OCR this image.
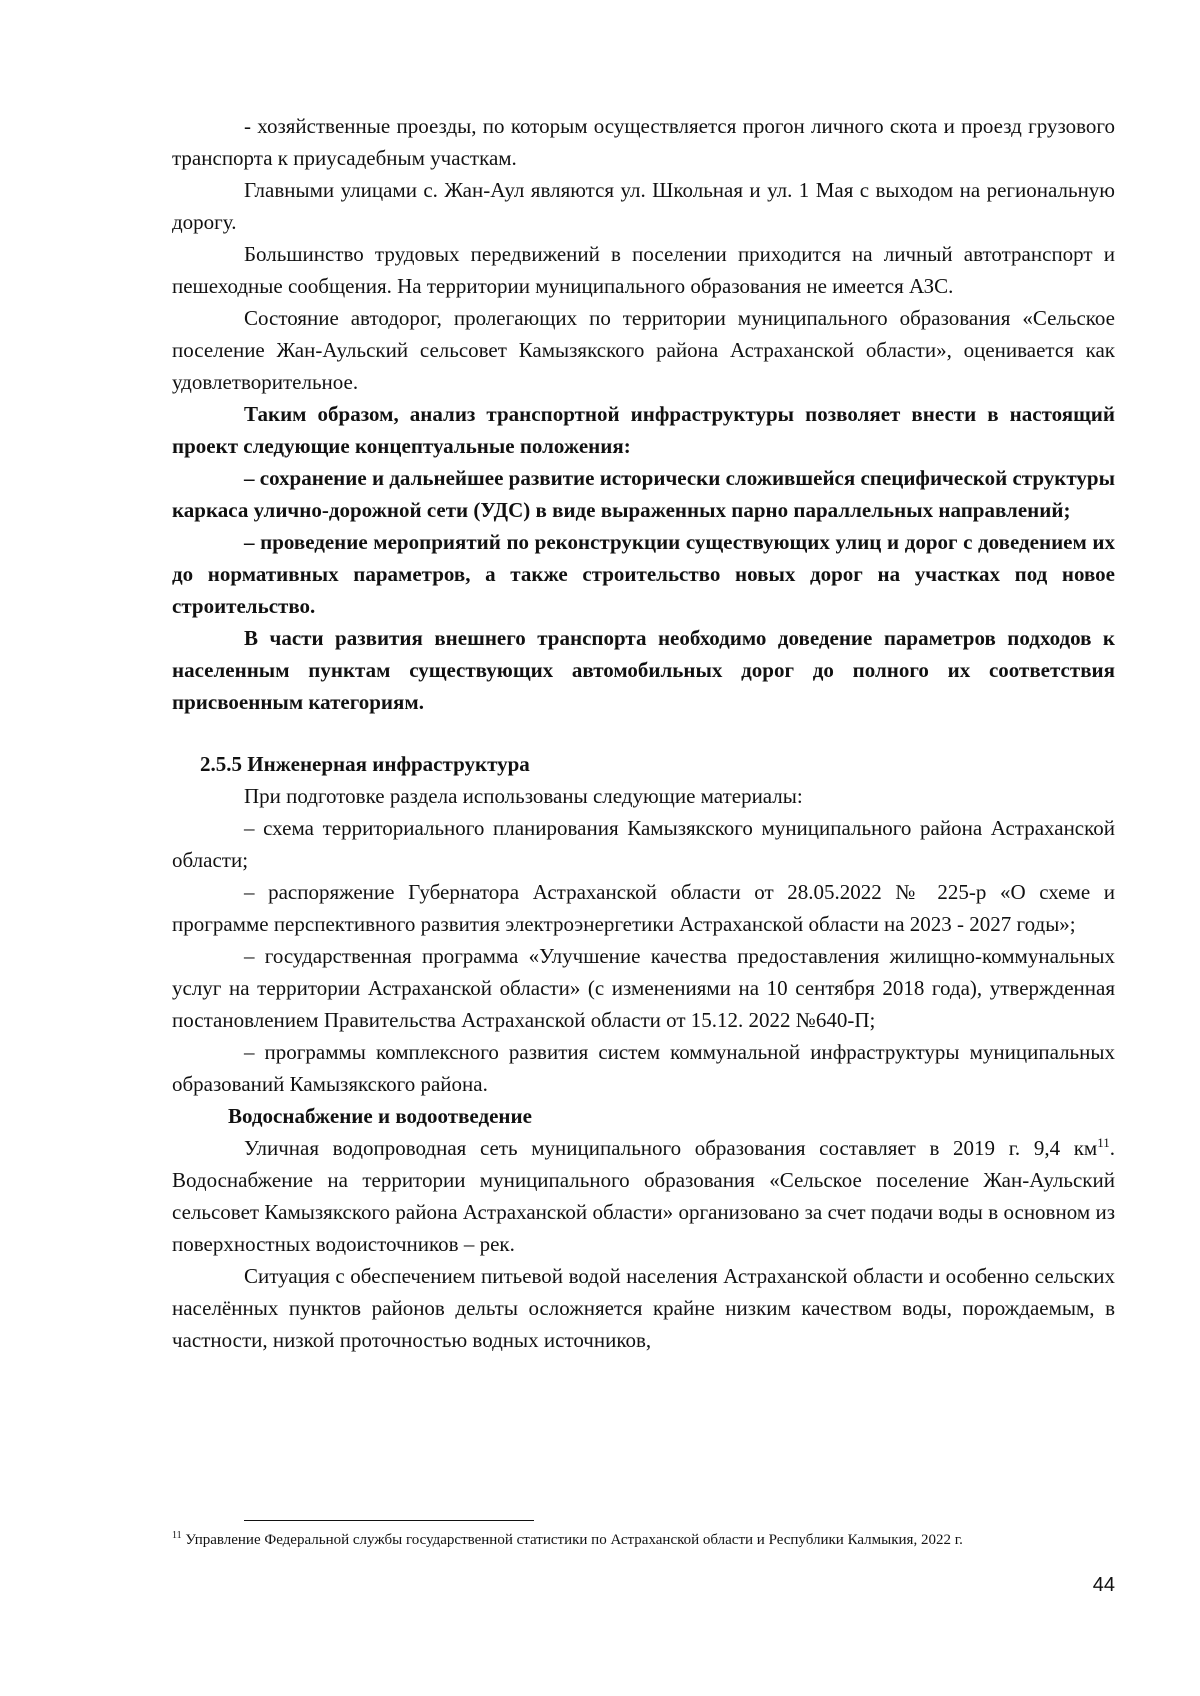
- хозяйственные проезды, по которым осуществляется прогон личного скота и проезд грузового транспорта к приусадебным участкам.

Главными улицами с. Жан-Аул являются ул. Школьная и ул. 1 Мая с выходом на региональную дорогу.

Большинство трудовых передвижений в поселении приходится на личный автотранспорт и пешеходные сообщения. На территории муниципального образования не имеется АЗС.

Состояние автодорог, пролегающих по территории муниципального образования «Сельское поселение Жан-Аульский сельсовет Камызякского района Астраханской области», оценивается как удовлетворительное.

Таким образом, анализ транспортной инфраструктуры позволяет внести в настоящий проект следующие концептуальные положения:

– сохранение и дальнейшее развитие исторически сложившейся специфической структуры каркаса улично-дорожной сети (УДС) в виде выраженных парно параллельных направлений;

– проведение мероприятий по реконструкции существующих улиц и дорог с доведением их до нормативных параметров, а также строительство новых дорог на участках под новое строительство.

В части развития внешнего транспорта необходимо доведение параметров подходов к населенным пунктам существующих автомобильных дорог до полного их соответствия присвоенным категориям.

2.5.5 Инженерная инфраструктура

При подготовке раздела использованы следующие материалы:

– схема территориального планирования Камызякского муниципального района Астраханской области;

– распоряжение Губернатора Астраханской области от 28.05.2022 № 225-р «О схеме и программе перспективного развития электроэнергетики Астраханской области на 2023 - 2027 годы»;

– государственная программа «Улучшение качества предоставления жилищно-коммунальных услуг на территории Астраханской области» (с изменениями на 10 сентября 2018 года), утвержденная постановлением Правительства Астраханской области от 15.12. 2022 №640-П;

– программы комплексного развития систем коммунальной инфраструктуры муниципальных образований Камызякского района.

Водоснабжение и водоотведение

Уличная водопроводная сеть муниципального образования составляет в 2019 г. 9,4 $км^{11}$. Водоснабжение на территории муниципального образования «Сельское поселение Жан-Аульский сельсовет Камызякского района Астраханской области» организовано за счет подачи воды в основном из поверхностных водоисточников – рек.

Ситуация с обеспечением питьевой водой населения Астраханской области и особенно сельских населённых пунктов районов дельты осложняется крайне низким качеством воды, порождаемым, в частности, низкой проточностью водных источников,

$^{11}$ Управление Федеральной службы государственной статистики по Астраханской области и Республики Калмыкия, 2022 г.
44
